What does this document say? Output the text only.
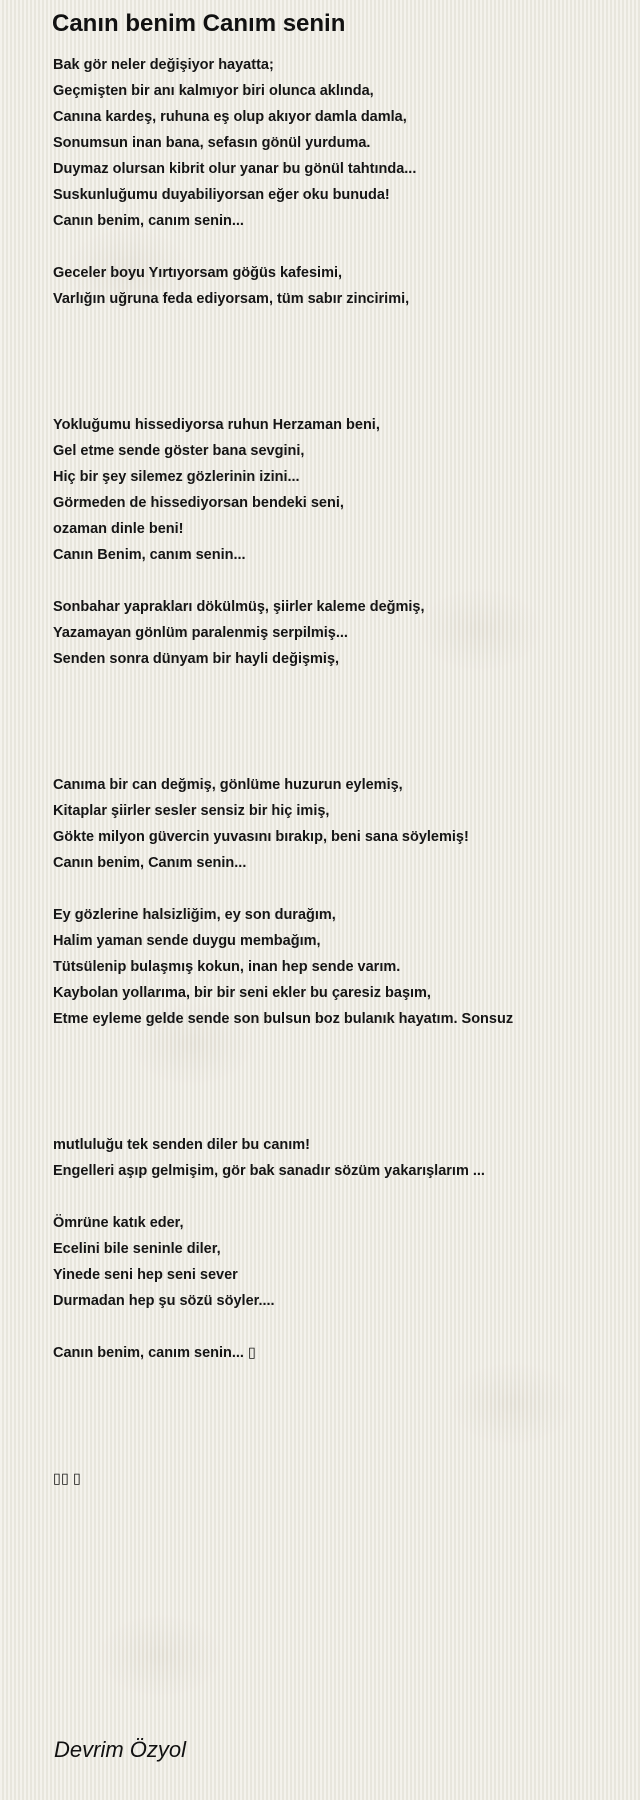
Canın benim Canım senin
Bak gör neler değişiyor hayatta;
Geçmişten bir anı kalmıyor biri olunca aklında,
Canına kardeş, ruhuna eş olup akıyor damla damla,
Sonumsun inan bana, sefasın gönül yurduma.
Duymaz olursan kibrit olur yanar bu gönül tahtında...
Suskunluğumu duyabiliyorsan eğer oku bunuda!
Canın benim, canım senin...
Geceler boyu Yırtıyorsam göğüs kafesimi,
Varlığın uğruna feda ediyorsam, tüm sabır zincirimi,
Yokluğumu hissediyorsa ruhun Herzaman beni,
Gel etme sende göster bana sevgini,
Hiç bir şey silemez gözlerinin izini...
Görmeden de hissediyorsan bendeki seni,
ozaman dinle beni!
Canın Benim, canım senin...
Sonbahar yaprakları dökülmüş, şiirler kaleme değmiş,
Yazamayan gönlüm paralenmiş serpilmiş...
Senden sonra dünyam bir hayli değişmiş,
Canıma bir can değmiş, gönlüme huzurun eylemiş,
Kitaplar şiirler sesler sensiz bir hiç imiş,
Gökte milyon güvercin yuvasını bırakıp, beni sana söylemiş!
Canın benim, Canım senin...
Ey gözlerine halsizliğim, ey son durağım,
Halim yaman sende duygu membağım,
Tütsülenip bulaşmış kokun, inan hep sende varım.
Kaybolan yollarıma, bir bir seni ekler bu çaresiz başım,
Etme eyleme gelde sende son bulsun boz bulanık hayatım. Sonsuz
mutluluğu tek senden diler bu canım!
Engelleri aşıp gelmişim, gör bak sanadır sözüm yakarışlarım ...
Ömrüne katık eder,
Ecelini bile seninle diler,
Yinede seni hep seni sever
Durmadan hep şu sözü söyler....
Canın benim, canım senin... ▯
▯▯ ▯
Devrim Özyol
